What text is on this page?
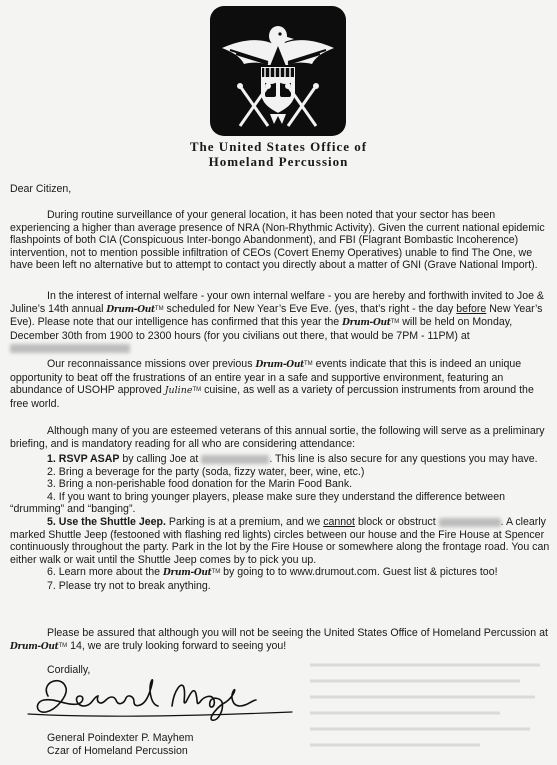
The United States Office of
Homeland Percussion

Dear Citizen,

During routine surveillance of your general location, it has been noted that your sector has been experiencing a higher than average presence of NRA (Non-Rhythmic Activity). Given the current national epidemic flashpoints of both CIA (Conspicuous Inter-bongo Abandonment), and FBI (Flagrant Bombastic Incoherence) intervention, not to mention possible infiltration of CEOs (Covert Enemy Operatives) unable to find The One, we have been left no alternative but to attempt to contact you directly about a matter of GNI (Grave National Import).

In the interest of internal welfare - your own internal welfare - you are hereby and forthwith invited to Joe & Juline’s 14th annual Drum-Out™ scheduled for New Year’s Eve Eve. (yes, that’s right - the day before New Year’s Eve). Please note that our intelligence has confirmed that this year the Drum-Out™ will be held on Monday, December 30th from 1900 to 2300 hours (for you civilians out there, that would be 7PM - 11PM) at

Our reconnaissance missions over previous Drum-Out™ events indicate that this is indeed an unique opportunity to beat off the frustrations of an entire year in a safe and supportive environment, featuring an abundance of USOHP approved Juline™ cuisine, as well as a variety of percussion instruments from around the free world.

Although many of you are esteemed veterans of this annual sortie, the following will serve as a preliminary briefing, and is mandatory reading for all who are considering attendance:

1. RSVP ASAP by calling Joe at	. This line is also secure for any questions you may have.
2. Bring a beverage for the party (soda, fizzy water, beer, wine, etc.)
3. Bring a non-perishable food donation for the Marin Food Bank.
4. If you want to bring younger players, please make sure they understand the difference between “drumming” and “banging”.
5. Use the Shuttle Jeep. Parking is at a premium, and we cannot block or obstruct	. A clearly marked Shuttle Jeep (festooned with flashing red lights) circles between our house and the Fire House at Spencer continuously throughout the party. Park in the lot by the Fire House or somewhere along the frontage road. You can either walk or wait until the Shuttle Jeep comes by to pick you up.
6. Learn more about the Drum-Out™ by going to to www.drumout.com. Guest list & pictures too!
7. Please try not to break anything.

Please be assured that although you will not be seeing the United States Office of Homeland Percussion at Drum-Out™ 14, we are truly looking forward to seeing you!

Cordially,
General Poindexter P. Mayhem
Czar of Homeland Percussion
